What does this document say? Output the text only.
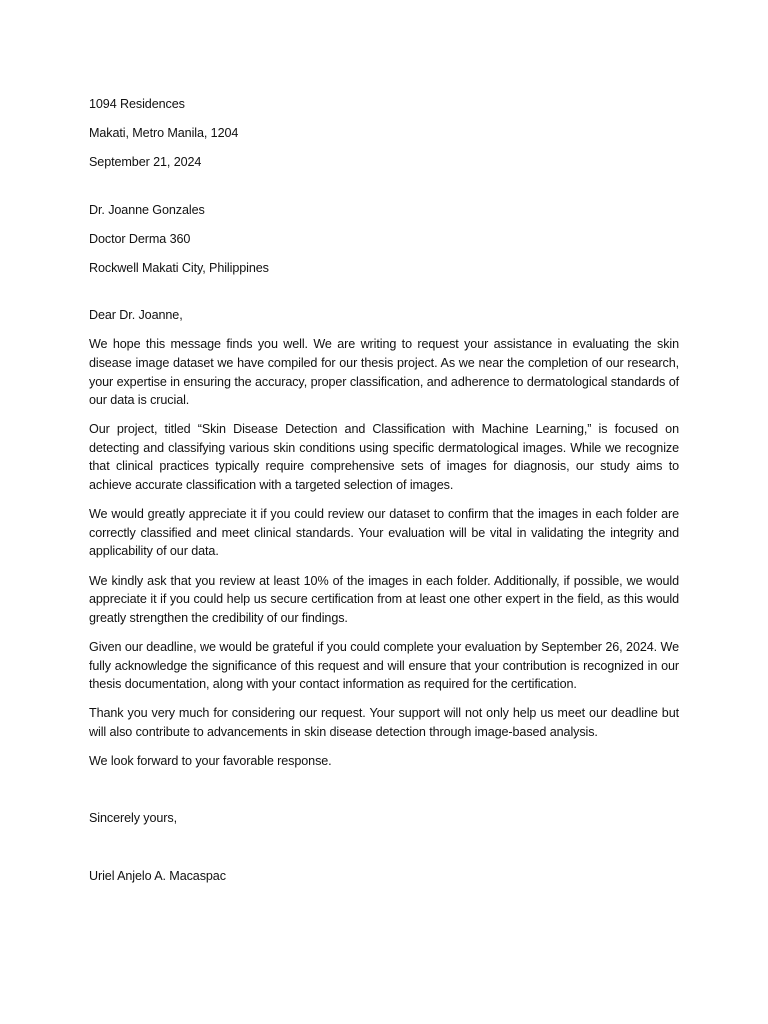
1094 Residences
Makati, Metro Manila, 1204
September 21, 2024
Dr. Joanne Gonzales
Doctor Derma 360
Rockwell Makati City, Philippines
Dear Dr. Joanne,

We hope this message finds you well. We are writing to request your assistance in evaluating the skin disease image dataset we have compiled for our thesis project. As we near the completion of our research, your expertise in ensuring the accuracy, proper classification, and adherence to dermatological standards of our data is crucial.

Our project, titled “Skin Disease Detection and Classification with Machine Learning,” is focused on detecting and classifying various skin conditions using specific dermatological images. While we recognize that clinical practices typically require comprehensive sets of images for diagnosis, our study aims to achieve accurate classification with a targeted selection of images.

We would greatly appreciate it if you could review our dataset to confirm that the images in each folder are correctly classified and meet clinical standards. Your evaluation will be vital in validating the integrity and applicability of our data.

We kindly ask that you review at least 10% of the images in each folder. Additionally, if possible, we would appreciate it if you could help us secure certification from at least one other expert in the field, as this would greatly strengthen the credibility of our findings.

Given our deadline, we would be grateful if you could complete your evaluation by September 26, 2024. We fully acknowledge the significance of this request and will ensure that your contribution is recognized in our thesis documentation, along with your contact information as required for the certification.

Thank you very much for considering our request. Your support will not only help us meet our deadline but will also contribute to advancements in skin disease detection through image-based analysis.

We look forward to your favorable response.

Sincerely yours,
Uriel Anjelo A. Macaspac
